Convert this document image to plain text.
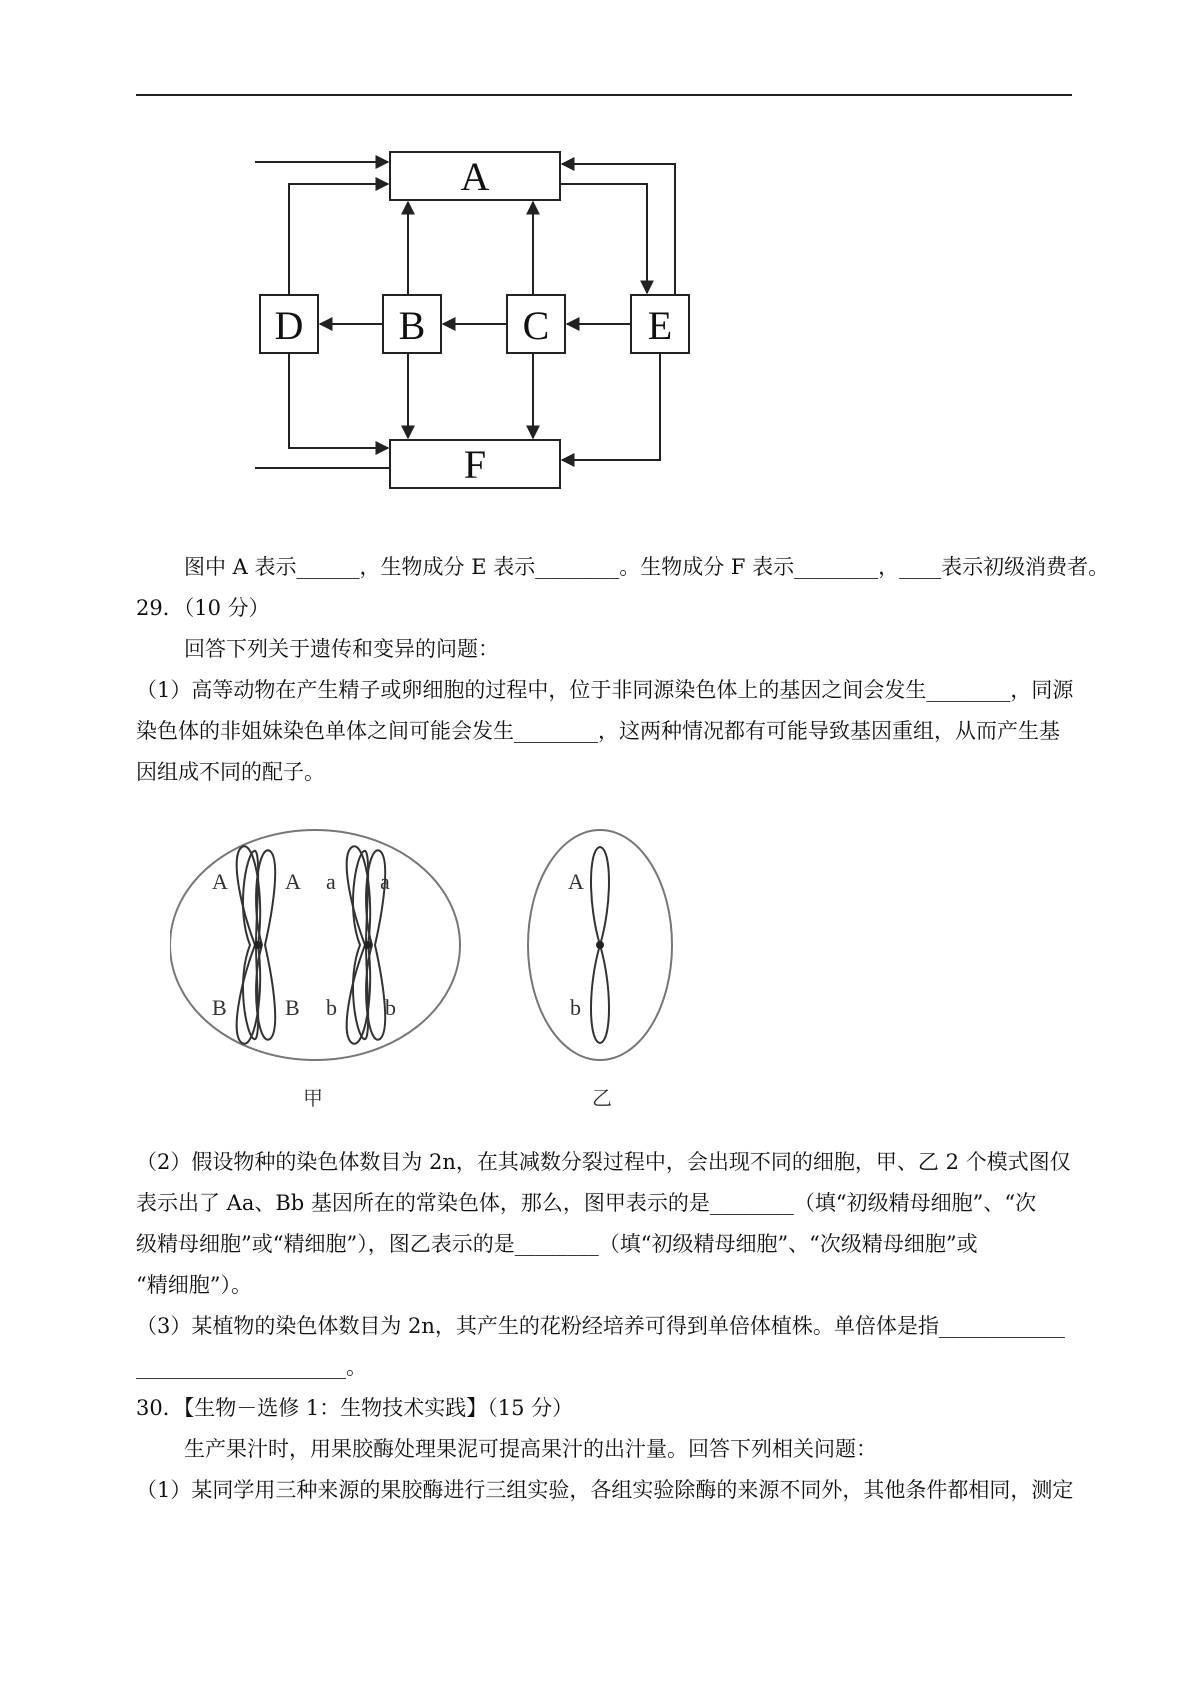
A
F
D B C E
A	A a a
B	B b b
甲
A
b
乙
图中 A 表示______，生物成分 E 表示________。生物成分 F 表示________，____表示初级消费者。
29．（10 分）
回答下列关于遗传和变异的问题：
（1）高等动物在产生精子或卵细胞的过程中，位于非同源染色体上的基因之间会发生________，同源
染色体的非姐妹染色单体之间可能会发生________，这两种情况都有可能导致基因重组，从而产生基
因组成不同的配子。
（2）假设物种的染色体数目为 2n，在其减数分裂过程中，会出现不同的细胞，甲、乙 2 个模式图仅
表示出了 Aa、Bb 基因所在的常染色体，那么，图甲表示的是________（填“初级精母细胞”、“次
级精母细胞”或“精细胞”），图乙表示的是________（填“初级精母细胞”、“次级精母细胞”或
“精细胞”）。
（3）某植物的染色体数目为 2n，其产生的花粉经培养可得到单倍体植株。单倍体是指____________
____________________。
30．【生物－选修 1：生物技术实践】（15 分）
生产果汁时，用果胶酶处理果泥可提高果汁的出汁量。回答下列相关问题：
（1）某同学用三种来源的果胶酶进行三组实验，各组实验除酶的来源不同外，其他条件都相同，测定
